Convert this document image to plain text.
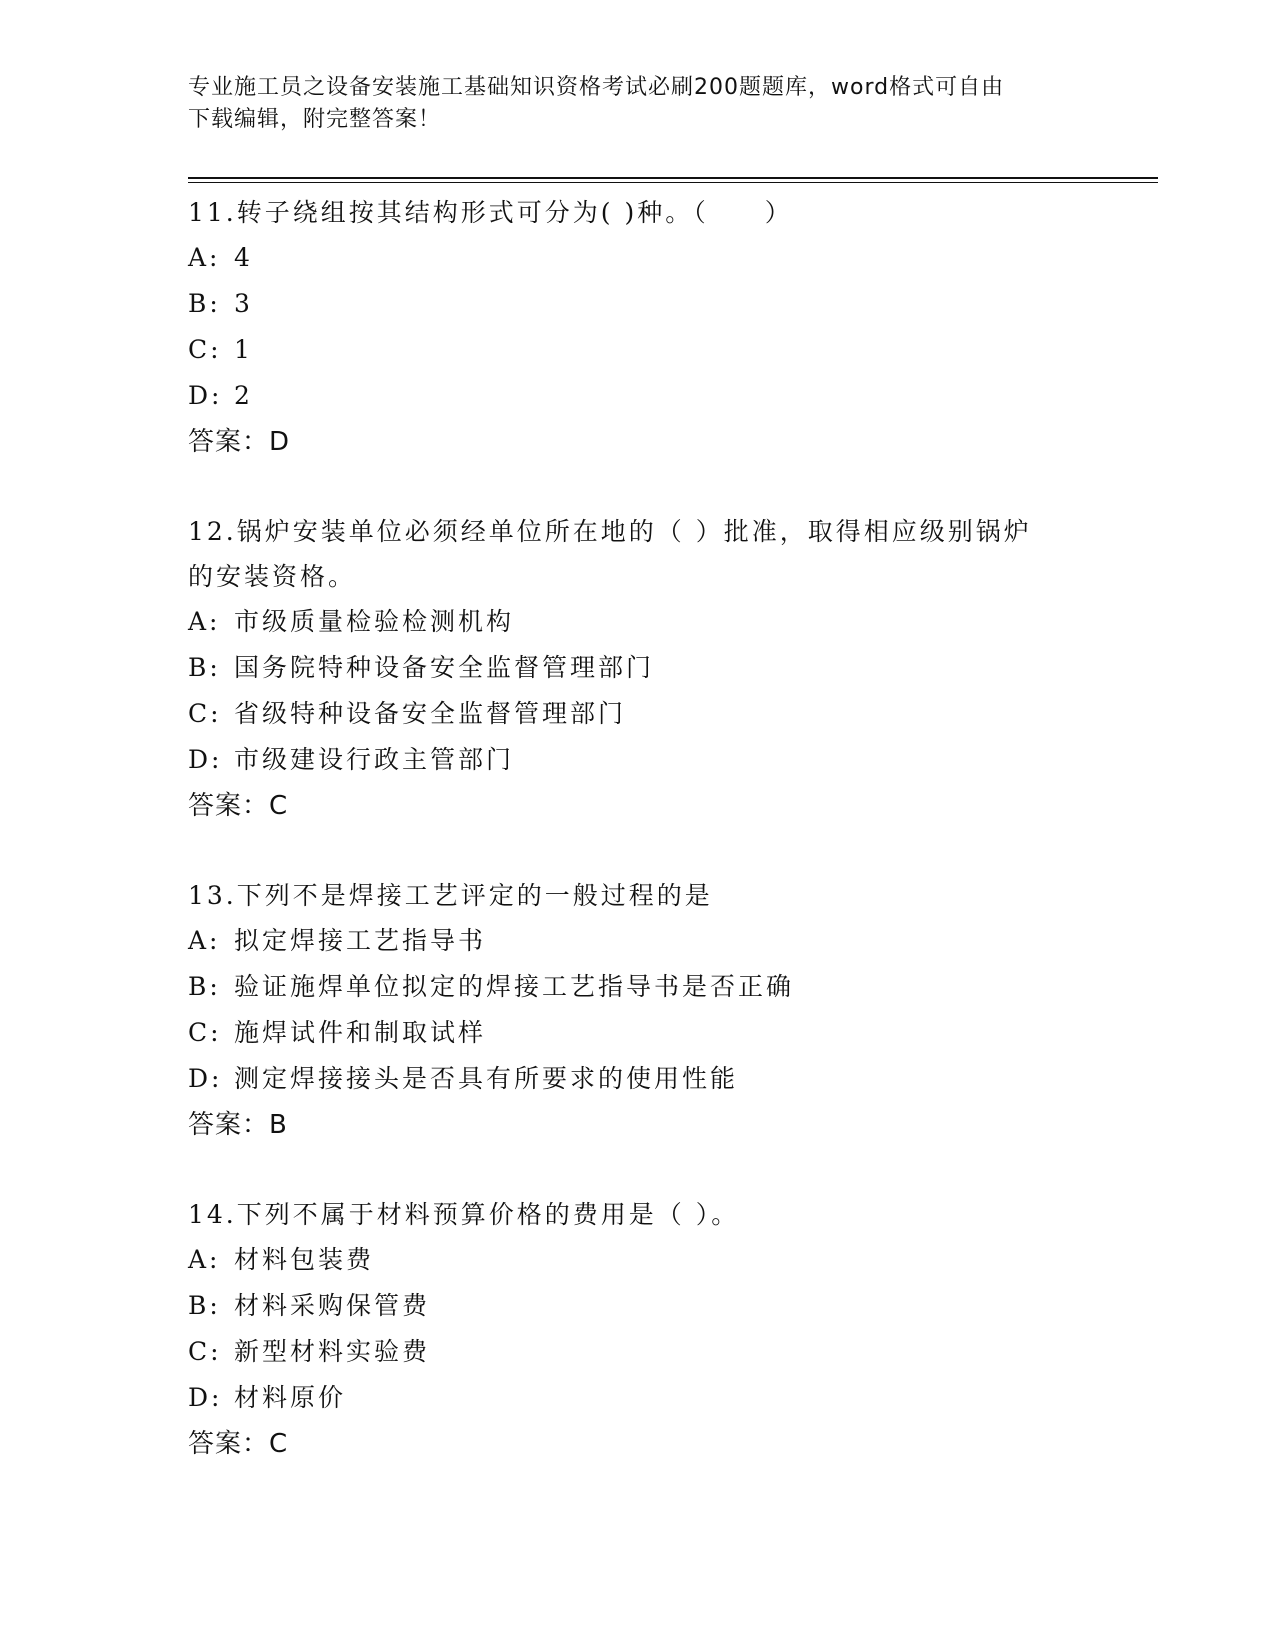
专业施工员之设备安装施工基础知识资格考试必刷200题题库，word格式可自由
下载编辑，附完整答案！
11.转子绕组按其结构形式可分为( )种。（　　）
A: 4
B: 3
C: 1
D: 2
答案：D
12.锅炉安装单位必须经单位所在地的（ ）批准，取得相应级别锅炉
的安装资格。
A: 市级质量检验检测机构
B: 国务院特种设备安全监督管理部门
C: 省级特种设备安全监督管理部门
D: 市级建设行政主管部门
答案：C
13.下列不是焊接工艺评定的一般过程的是
A: 拟定焊接工艺指导书
B: 验证施焊单位拟定的焊接工艺指导书是否正确
C: 施焊试件和制取试样
D: 测定焊接接头是否具有所要求的使用性能
答案：B
14.下列不属于材料预算价格的费用是（ ）。
A: 材料包装费
B: 材料采购保管费
C: 新型材料实验费
D: 材料原价
答案：C
